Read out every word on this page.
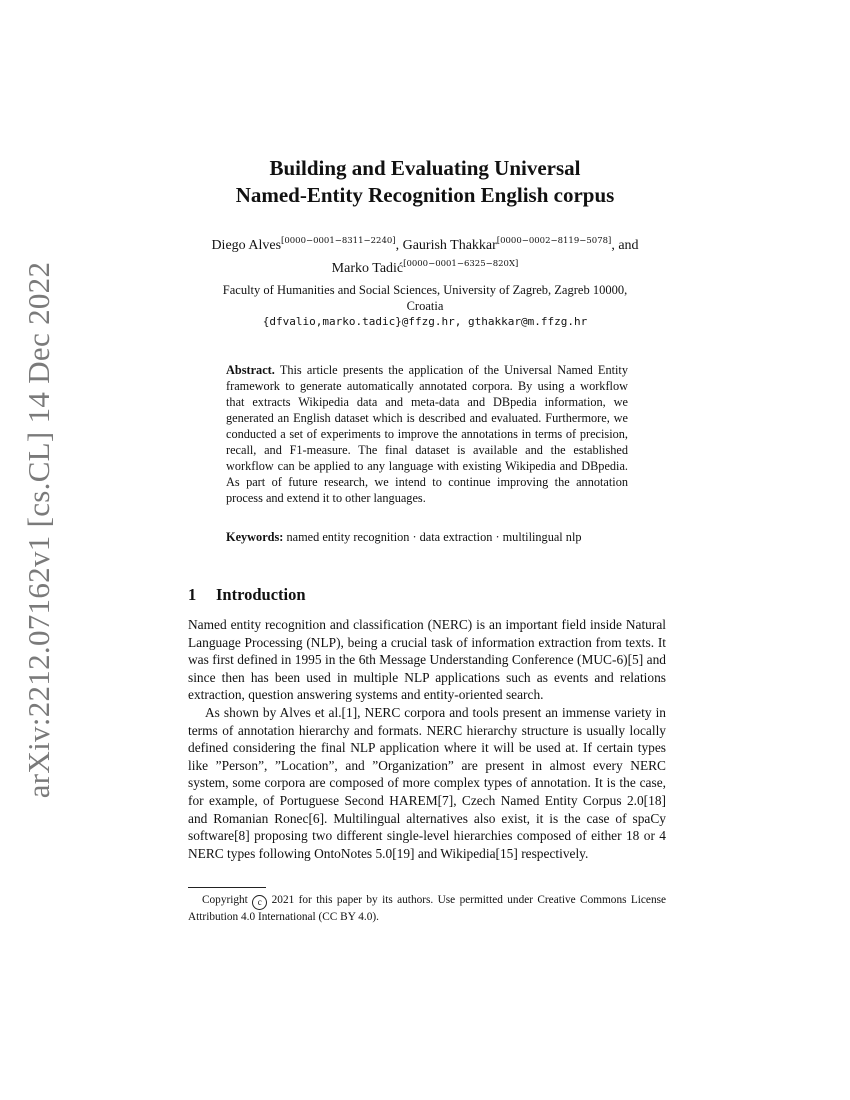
arXiv:2212.07162v1 [cs.CL] 14 Dec 2022
Building and Evaluating Universal
Named-Entity Recognition English corpus
Diego Alves[0000−0001−8311−2240], Gaurish Thakkar[0000−0002−8119−5078], and
Marko Tadić[0000−0001−6325−820X]
Faculty of Humanities and Social Sciences, University of Zagreb, Zagreb 10000,
Croatia
{dfvalio,marko.tadic}@ffzg.hr, gthakkar@m.ffzg.hr
Abstract. This article presents the application of the Universal Named Entity framework to generate automatically annotated corpora. By using a workflow that extracts Wikipedia data and meta-data and DBpedia information, we generated an English dataset which is described and evaluated. Furthermore, we conducted a set of experiments to improve the annotations in terms of precision, recall, and F1-measure. The final dataset is available and the established workflow can be applied to any language with existing Wikipedia and DBpedia. As part of future research, we intend to continue improving the annotation process and extend it to other languages.
Keywords: named entity recognition · data extraction · multilingual nlp
1 Introduction

Named entity recognition and classification (NERC) is an important field inside Natural Language Processing (NLP), being a crucial task of information extraction from texts. It was first defined in 1995 in the 6th Message Understanding Conference (MUC-6)[5] and since then has been used in multiple NLP applications such as events and relations extraction, question answering systems and entity-oriented search.

As shown by Alves et al.[1], NERC corpora and tools present an immense variety in terms of annotation hierarchy and formats. NERC hierarchy structure is usually locally defined considering the final NLP application where it will be used at. If certain types like ”Person”, ”Location”, and ”Organization” are present in almost every NERC system, some corpora are composed of more complex types of annotation. It is the case, for example, of Portuguese Second HAREM[7], Czech Named Entity Corpus 2.0[18] and Romanian Ronec[6]. Multilingual alternatives also exist, it is the case of spaCy software[8] proposing two different single-level hierarchies composed of either 18 or 4 NERC types following OntoNotes 5.0[19] and Wikipedia[15] respectively.

Copyright c 2021 for this paper by its authors. Use permitted under Creative Commons License Attribution 4.0 International (CC BY 4.0).
